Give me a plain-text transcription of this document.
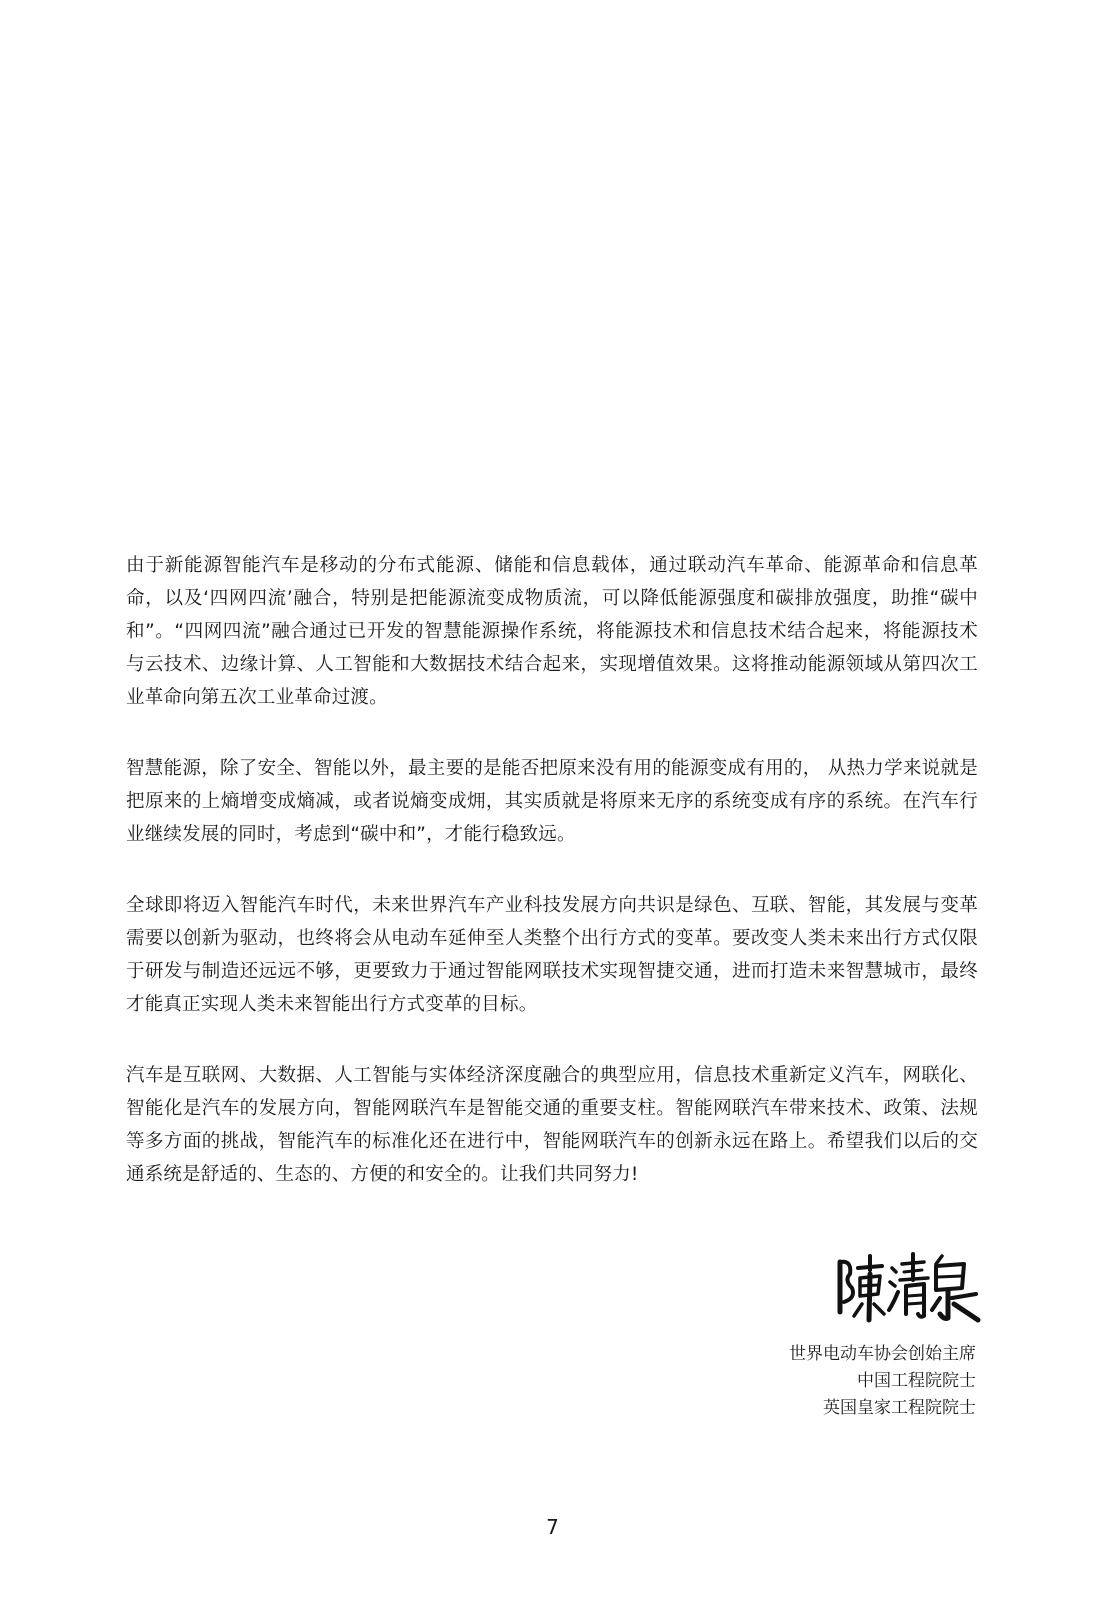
由于新能源智能汽车是移动的分布式能源、储能和信息载体，通过联动汽车革命、能源革命和信息革命，以及‘四网四流’融合，特别是把能源流变成物质流，可以降低能源强度和碳排放强度，助推“碳中和”。“四网四流”融合通过已开发的智慧能源操作系统，将能源技术和信息技术结合起来，将能源技术与云技术、边缘计算、人工智能和大数据技术结合起来，实现增值效果。这将推动能源领域从第四次工业革命向第五次工业革命过渡。

智慧能源，除了安全、智能以外，最主要的是能否把原来没有用的能源变成有用的， 从热力学来说就是把原来的上熵增变成熵减，或者说熵变成㶲，其实质就是将原来无序的系统变成有序的系统。在汽车行业继续发展的同时，考虑到“碳中和”，才能行稳致远。

全球即将迈入智能汽车时代，未来世界汽车产业科技发展方向共识是绿色、互联、智能，其发展与变革需要以创新为驱动，也终将会从电动车延伸至人类整个出行方式的变革。要改变人类未来出行方式仅限于研发与制造还远远不够，更要致力于通过智能网联技术实现智捷交通，进而打造未来智慧城市，最终才能真正实现人类未来智能出行方式变革的目标。

汽车是互联网、大数据、人工智能与实体经济深度融合的典型应用，信息技术重新定义汽车，网联化、智能化是汽车的发展方向，智能网联汽车是智能交通的重要支柱。智能网联汽车带来技术、政策、法规等多方面的挑战，智能汽车的标准化还在进行中，智能网联汽车的创新永远在路上。希望我们以后的交通系统是舒适的、生态的、方便的和安全的。让我们共同努力!

世界电动车协会创始主席
中国工程院院士
英国皇家工程院院士
7
